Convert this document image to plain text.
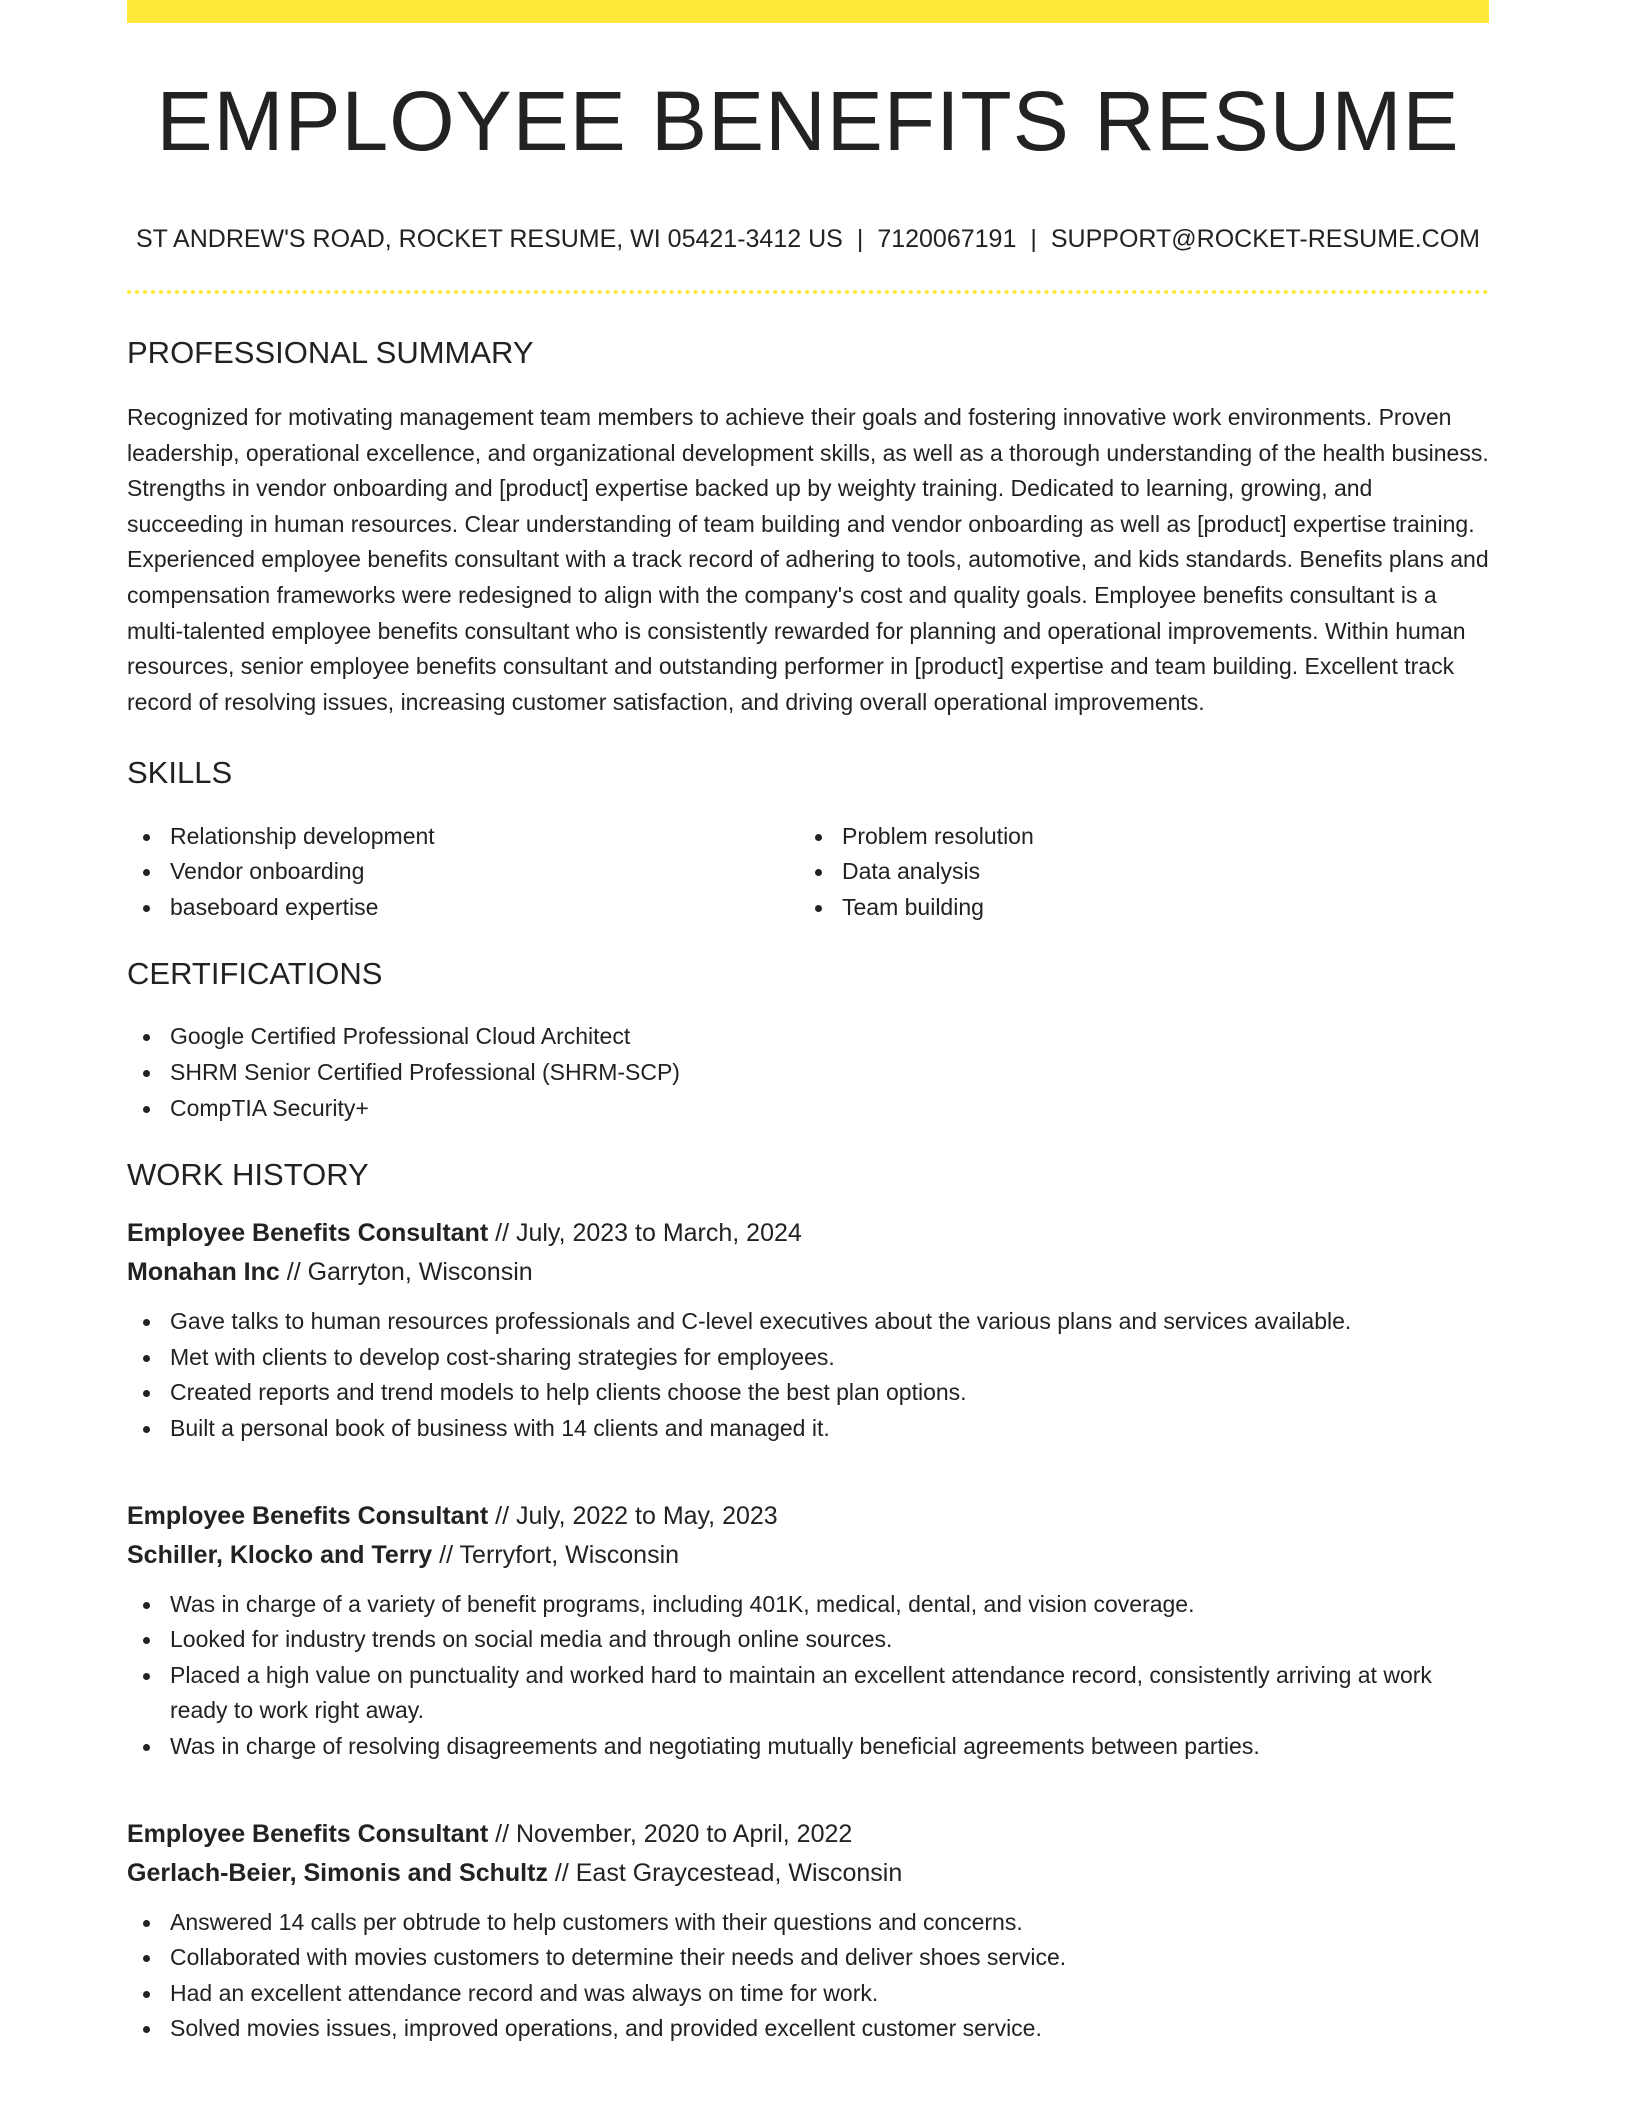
EMPLOYEE BENEFITS RESUME
ST ANDREW'S ROAD, ROCKET RESUME, WI 05421-3412 US | 7120067191 | SUPPORT@ROCKET-RESUME.COM
PROFESSIONAL SUMMARY

Recognized for motivating management team members to achieve their goals and fostering innovative work environments. Proven leadership, operational excellence, and organizational development skills, as well as a thorough understanding of the health business. Strengths in vendor onboarding and [product] expertise backed up by weighty training. Dedicated to learning, growing, and succeeding in human resources. Clear understanding of team building and vendor onboarding as well as [product] expertise training. Experienced employee benefits consultant with a track record of adhering to tools, automotive, and kids standards. Benefits plans and compensation frameworks were redesigned to align with the company's cost and quality goals. Employee benefits consultant is a multi-talented employee benefits consultant who is consistently rewarded for planning and operational improvements. Within human resources, senior employee benefits consultant and outstanding performer in [product] expertise and team building. Excellent track record of resolving issues, increasing customer satisfaction, and driving overall operational improvements.

SKILLS
Relationship development
Vendor onboarding
baseboard expertise
Problem resolution
Data analysis
Team building
CERTIFICATIONS
Google Certified Professional Cloud Architect
SHRM Senior Certified Professional (SHRM-SCP)
CompTIA Security+
WORK HISTORY
Employee Benefits Consultant // July, 2023 to March, 2024
Monahan Inc // Garryton, Wisconsin
Gave talks to human resources professionals and C-level executives about the various plans and services available.
Met with clients to develop cost-sharing strategies for employees.
Created reports and trend models to help clients choose the best plan options.
Built a personal book of business with 14 clients and managed it.
Employee Benefits Consultant // July, 2022 to May, 2023
Schiller, Klocko and Terry // Terryfort, Wisconsin
Was in charge of a variety of benefit programs, including 401K, medical, dental, and vision coverage.
Looked for industry trends on social media and through online sources.
Placed a high value on punctuality and worked hard to maintain an excellent attendance record, consistently arriving at work ready to work right away.
Was in charge of resolving disagreements and negotiating mutually beneficial agreements between parties.
Employee Benefits Consultant // November, 2020 to April, 2022
Gerlach-Beier, Simonis and Schultz // East Graycestead, Wisconsin
Answered 14 calls per obtrude to help customers with their questions and concerns.
Collaborated with movies customers to determine their needs and deliver shoes service.
Had an excellent attendance record and was always on time for work.
Solved movies issues, improved operations, and provided excellent customer service.
